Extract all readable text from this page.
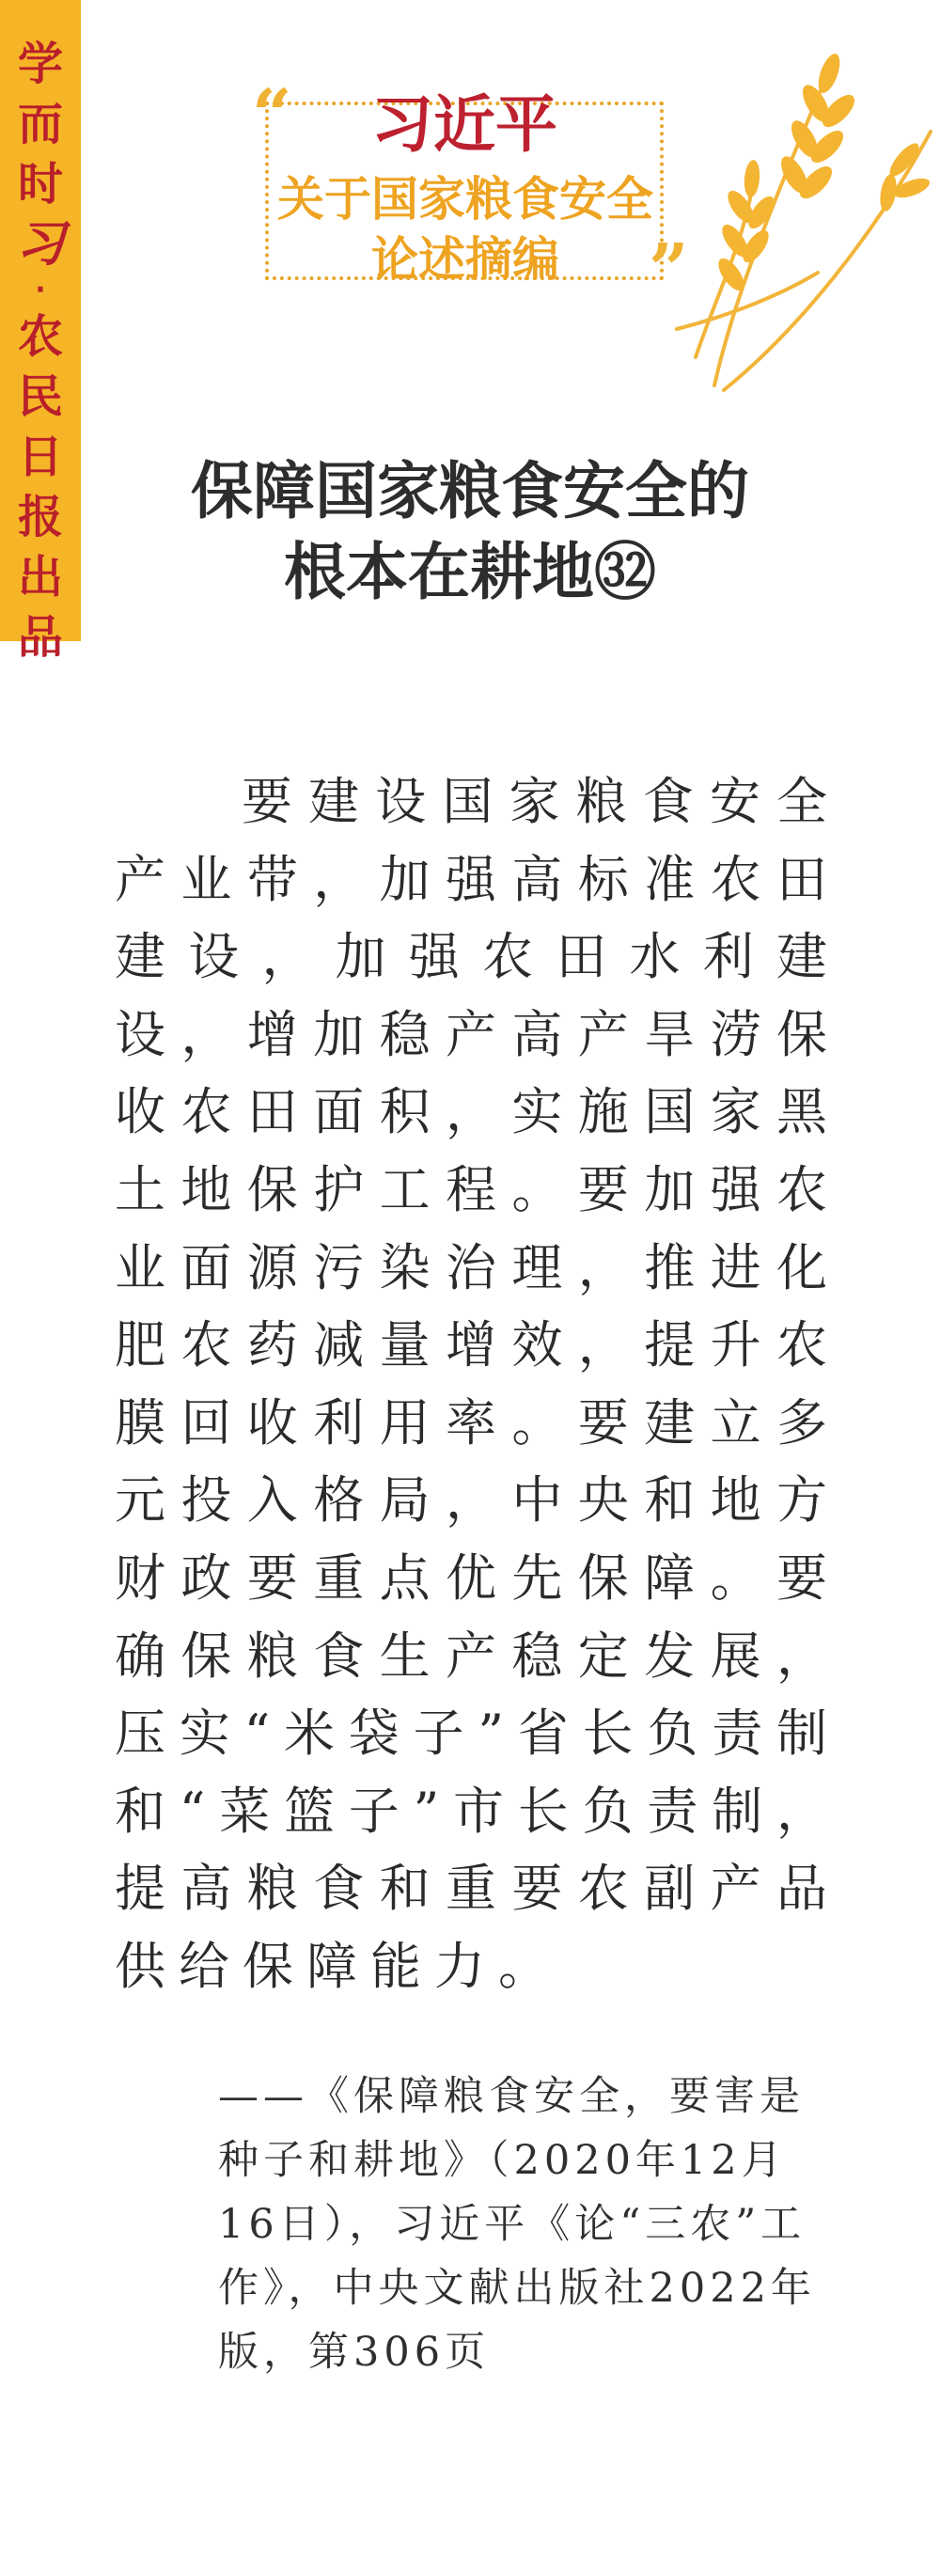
学
而
时
习
·
农
民
日
报
出
品
“
”
习近平
关于国家粮食安全
论述摘编
保障国家粮食安全的
根本在耕地㉜
要建设国家粮食安全产业带，加强高标准农田建设，加强农田水利建设，增加稳产高产旱涝保收农田面积，实施国家黑土地保护工程。要加强农业面源污染治理，推进化肥农药减量增效，提升农膜回收利用率。要建立多元投入格局，中央和地方财政要重点优先保障。要确保粮食生产稳定发展，压实“米袋子”省长负责制和“菜篮子”市长负责制，提高粮食和重要农副产品供给保障能力。
——《保障粮食安全，要害是种子和耕地》（2020年12月16日），习近平《论“三农”工作》，中央文献出版社2022年版，第306页
